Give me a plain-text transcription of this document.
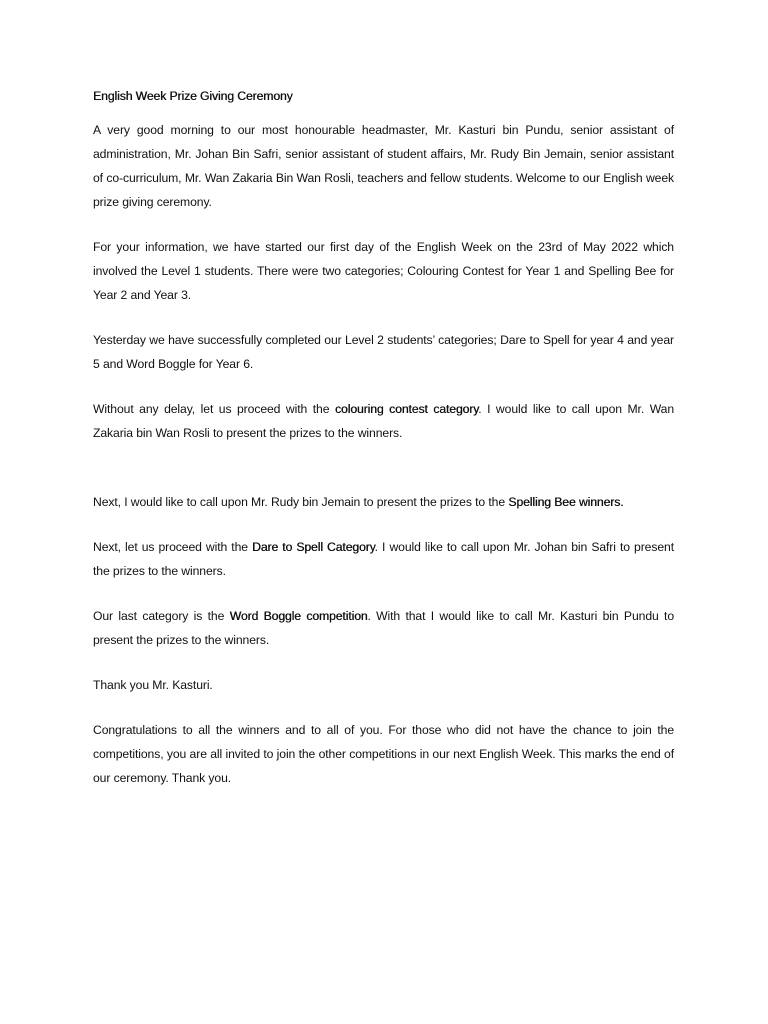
English Week Prize Giving Ceremony

A very good morning to our most honourable headmaster, Mr. Kasturi bin Pundu, senior assistant of administration, Mr. Johan Bin Safri, senior assistant of student affairs, Mr. Rudy Bin Jemain, senior assistant of co-curriculum, Mr. Wan Zakaria Bin Wan Rosli, teachers and fellow students. Welcome to our English week prize giving ceremony.

For your information, we have started our first day of the English Week on the 23rd of May 2022 which involved the Level 1 students. There were two categories; Colouring Contest for Year 1 and Spelling Bee for Year 2 and Year 3.

Yesterday we have successfully completed our Level 2 students’ categories; Dare to Spell for year 4 and year 5 and Word Boggle for Year 6.

Without any delay, let us proceed with the colouring contest category. I would like to call upon Mr. Wan Zakaria bin Wan Rosli to present the prizes to the winners.

Next, I would like to call upon Mr. Rudy bin Jemain to present the prizes to the Spelling Bee winners.

Next, let us proceed with the Dare to Spell Category. I would like to call upon Mr. Johan bin Safri to present the prizes to the winners.

Our last category is the Word Boggle competition. With that I would like to call Mr. Kasturi bin Pundu to present the prizes to the winners.

Thank you Mr. Kasturi.

Congratulations to all the winners and to all of you. For those who did not have the chance to join the competitions, you are all invited to join the other competitions in our next English Week. This marks the end of our ceremony. Thank you.
